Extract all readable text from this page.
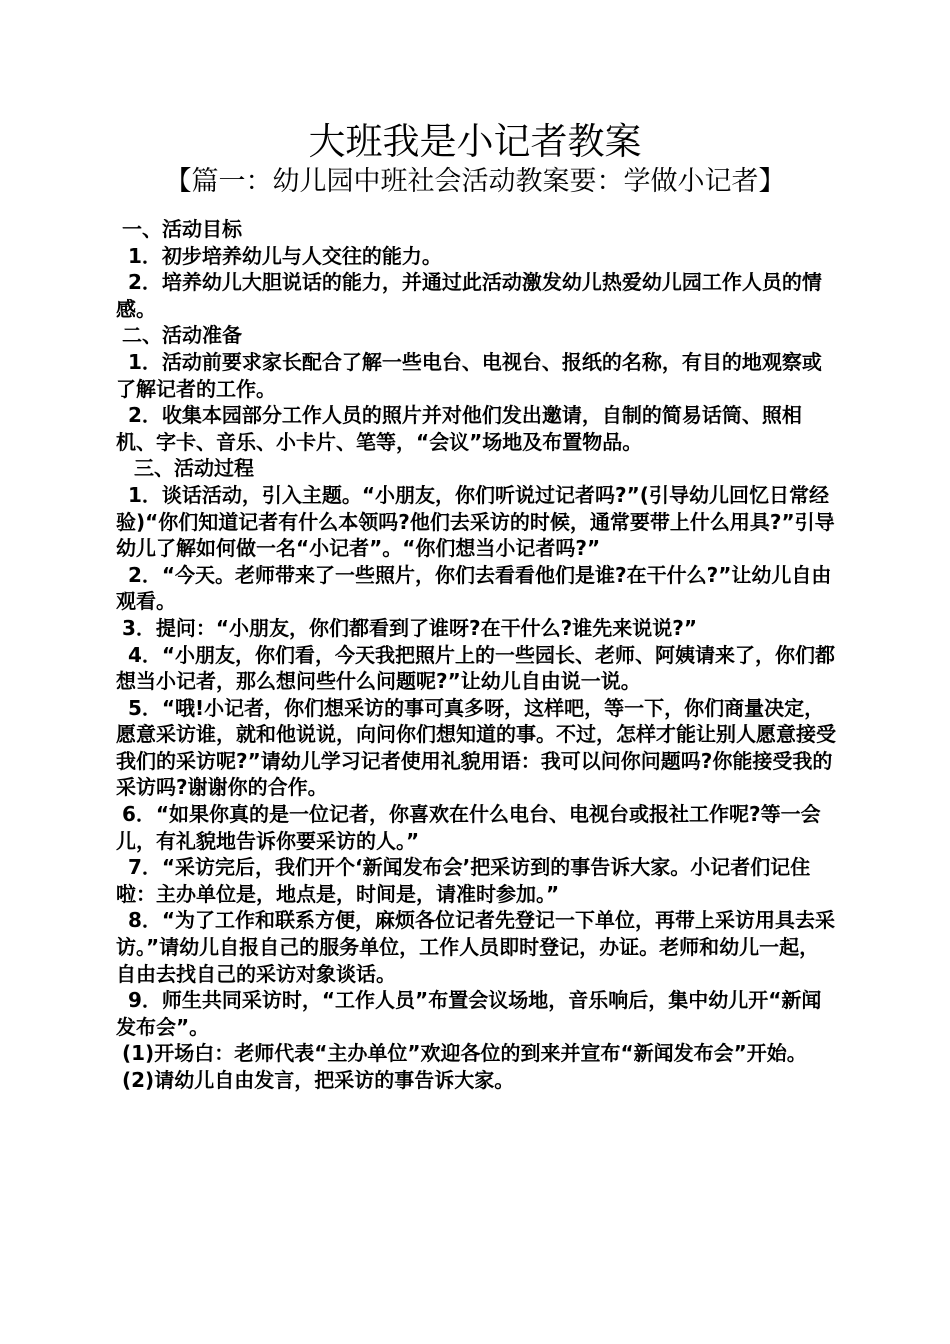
大班我是小记者教案
【篇一：幼儿园中班社会活动教案要：学做小记者】

一、活动目标

1．初步培养幼儿与人交往的能力。

2．培养幼儿大胆说话的能力，并通过此活动激发幼儿热爱幼儿园工作人员的情感。

二、活动准备

1．活动前要求家长配合了解一些电台、电视台、报纸的名称，有目的地观察或了解记者的工作。

2．收集本园部分工作人员的照片并对他们发出邀请，自制的简易话筒、照相机、字卡、音乐、小卡片、笔等，“会议”场地及布置物品。

三、活动过程

1．谈话活动，引入主题。“小朋友，你们听说过记者吗?”(引导幼儿回忆日常经验)“你们知道记者有什么本领吗?他们去采访的时候，通常要带上什么用具?”引导幼儿了解如何做一名“小记者”。“你们想当小记者吗?”

2．“今天。老师带来了一些照片，你们去看看他们是谁?在干什么?”让幼儿自由观看。

3．提问：“小朋友，你们都看到了谁呀?在干什么?谁先来说说?”

4．“小朋友，你们看，今天我把照片上的一些园长、老师、阿姨请来了，你们都想当小记者，那么想问些什么问题呢?”让幼儿自由说一说。

5．“哦!小记者，你们想采访的事可真多呀，这样吧，等一下，你们商量决定，愿意采访谁，就和他说说，向问你们想知道的事。不过，怎样才能让别人愿意接受我们的采访呢?”请幼儿学习记者使用礼貌用语：我可以问你问题吗?你能接受我的采访吗?谢谢你的合作。

6．“如果你真的是一位记者，你喜欢在什么电台、电视台或报社工作呢?等一会儿，有礼貌地告诉你要采访的人。”

7．“采访完后，我们开个‘新闻发布会’把采访到的事告诉大家。小记者们记住啦：主办单位是，地点是，时间是，请准时参加。”

8．“为了工作和联系方便，麻烦各位记者先登记一下单位，再带上采访用具去采访。”请幼儿自报自己的服务单位，工作人员即时登记，办证。老师和幼儿一起，自由去找自己的采访对象谈话。

9．师生共同采访时，“工作人员”布置会议场地，音乐响后，集中幼儿开“新闻发布会”。

(1)开场白：老师代表“主办单位”欢迎各位的到来并宣布“新闻发布会”开始。

(2)请幼儿自由发言，把采访的事告诉大家。
